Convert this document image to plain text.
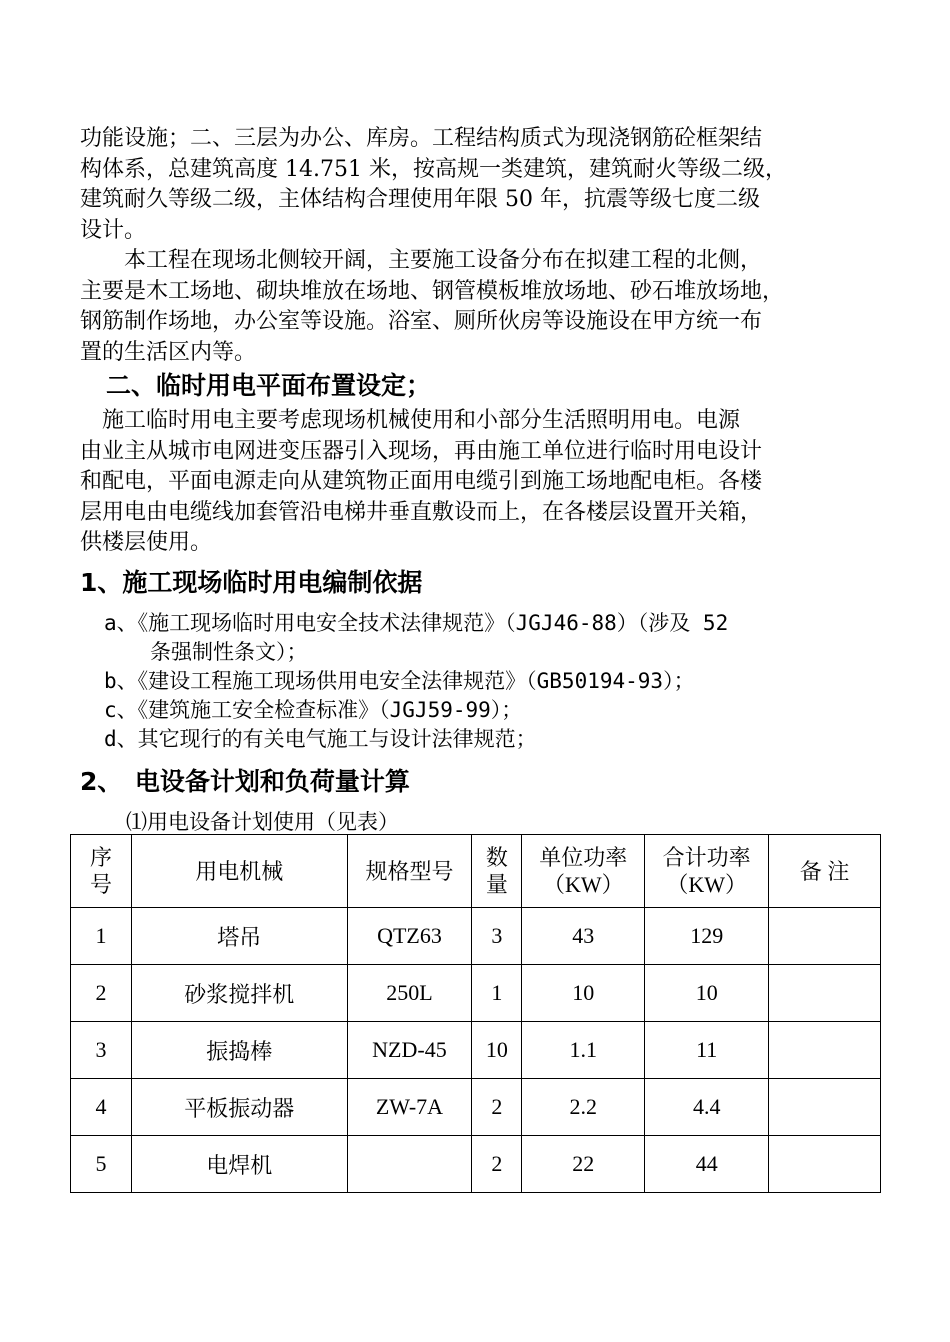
功能设施；二、三层为办公、库房。工程结构质式为现浇钢筋砼框架结

构体系，总建筑高度 14.751 米，按高规一类建筑，建筑耐火等级二级，

建筑耐久等级二级，主体结构合理使用年限 50 年，抗震等级七度二级

设计。

　　本工程在现场北侧较开阔，主要施工设备分布在拟建工程的北侧，

主要是木工场地、砌块堆放在场地、钢管模板堆放场地、砂石堆放场地，

钢筋制作场地，办公室等设施。浴室、厕所伙房等设施设在甲方统一布

置的生活区内等。

二、临时用电平面布置设定；

　施工临时用电主要考虑现场机械使用和小部分生活照明用电。电源

由业主从城市电网进变压器引入现场，再由施工单位进行临时用电设计

和配电，平面电源走向从建筑物正面用电缆引到施工场地配电柜。各楼

层用电由电缆线加套管沿电梯井垂直敷设而上，在各楼层设置开关箱，

供楼层使用。

1、施工现场临时用电编制依据
a、《施工现场临时用电安全技术法律规范》（JGJ46-88）（涉及 52
条强制性条文）；
b、《建设工程施工现场供用电安全法律规范》（GB50194-93）；
c、《建筑施工安全检查标准》（JGJ59-99）；
d、其它现行的有关电气施工与设计法律规范；
2、　电设备计划和负荷量计算
⑴用电设备计划使用（见表）
序
号	用电机械	规格型号	数
量	单位功率
（KW）	合计功率
（KW）	备 注
1	塔吊	QTZ63	3	43	129	
2	砂浆搅拌机	250L	1	10	10	
3	振捣棒	NZD-45	10	1.1	11	
4	平板振动器	ZW-7A	2	2.2	4.4	
5	电焊机		2	22	44	
